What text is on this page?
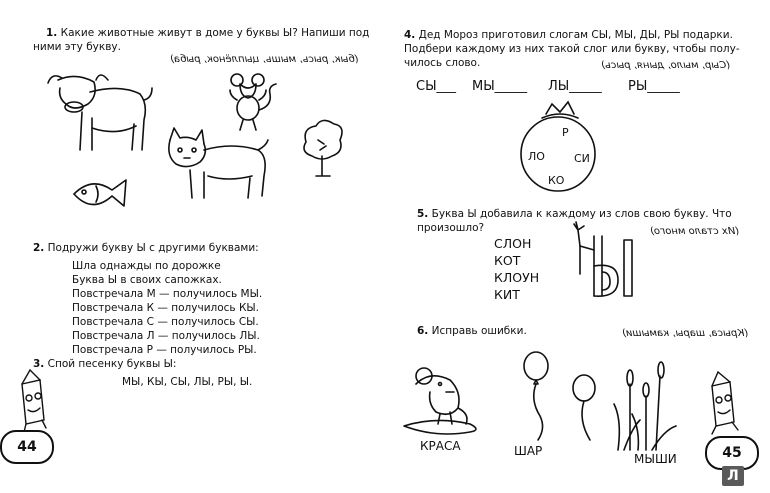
1. Какие животные живут в доме у буквы Ы? Напиши под
ними эту букву.
(бык, рысь, мышь, цыплёнок, рыба)
2. Подружи букву Ы с другими буквами:
Шла однажды по дорожке
Буква Ы в своих сапожках.
Повстречала М — получилось МЫ.
Повстречала К — получилось КЫ.
Повстречала С — получилось СЫ.
Повстречала Л — получилось ЛЫ.
Повстречала Р — получилось РЫ.
3. Спой песенку буквы Ы:
МЫ, КЫ, СЫ, ЛЫ, РЫ, Ы.
44
4. Дед Мороз приготовил слогам СЫ, МЫ, ДЫ, РЫ подарки.
Подбери каждому из них такой слог или букву, чтобы полу-
чилось слово.	(Сыр, мыло, дыня, рысь)
СЫ___ МЫ_____ ЛЫ_____ РЫ_____
Р
ЛО	СИ
КО
5. Буква Ы добавила к каждому из слов свою букву. Что
произошло?	(Их стало много)
СЛОН
КОТ
КЛОУН
КИТ
6. Исправь ошибки.	(Крыса, шары, камыши)
КРАСА	ШАР
МЫШИ	45
Л
